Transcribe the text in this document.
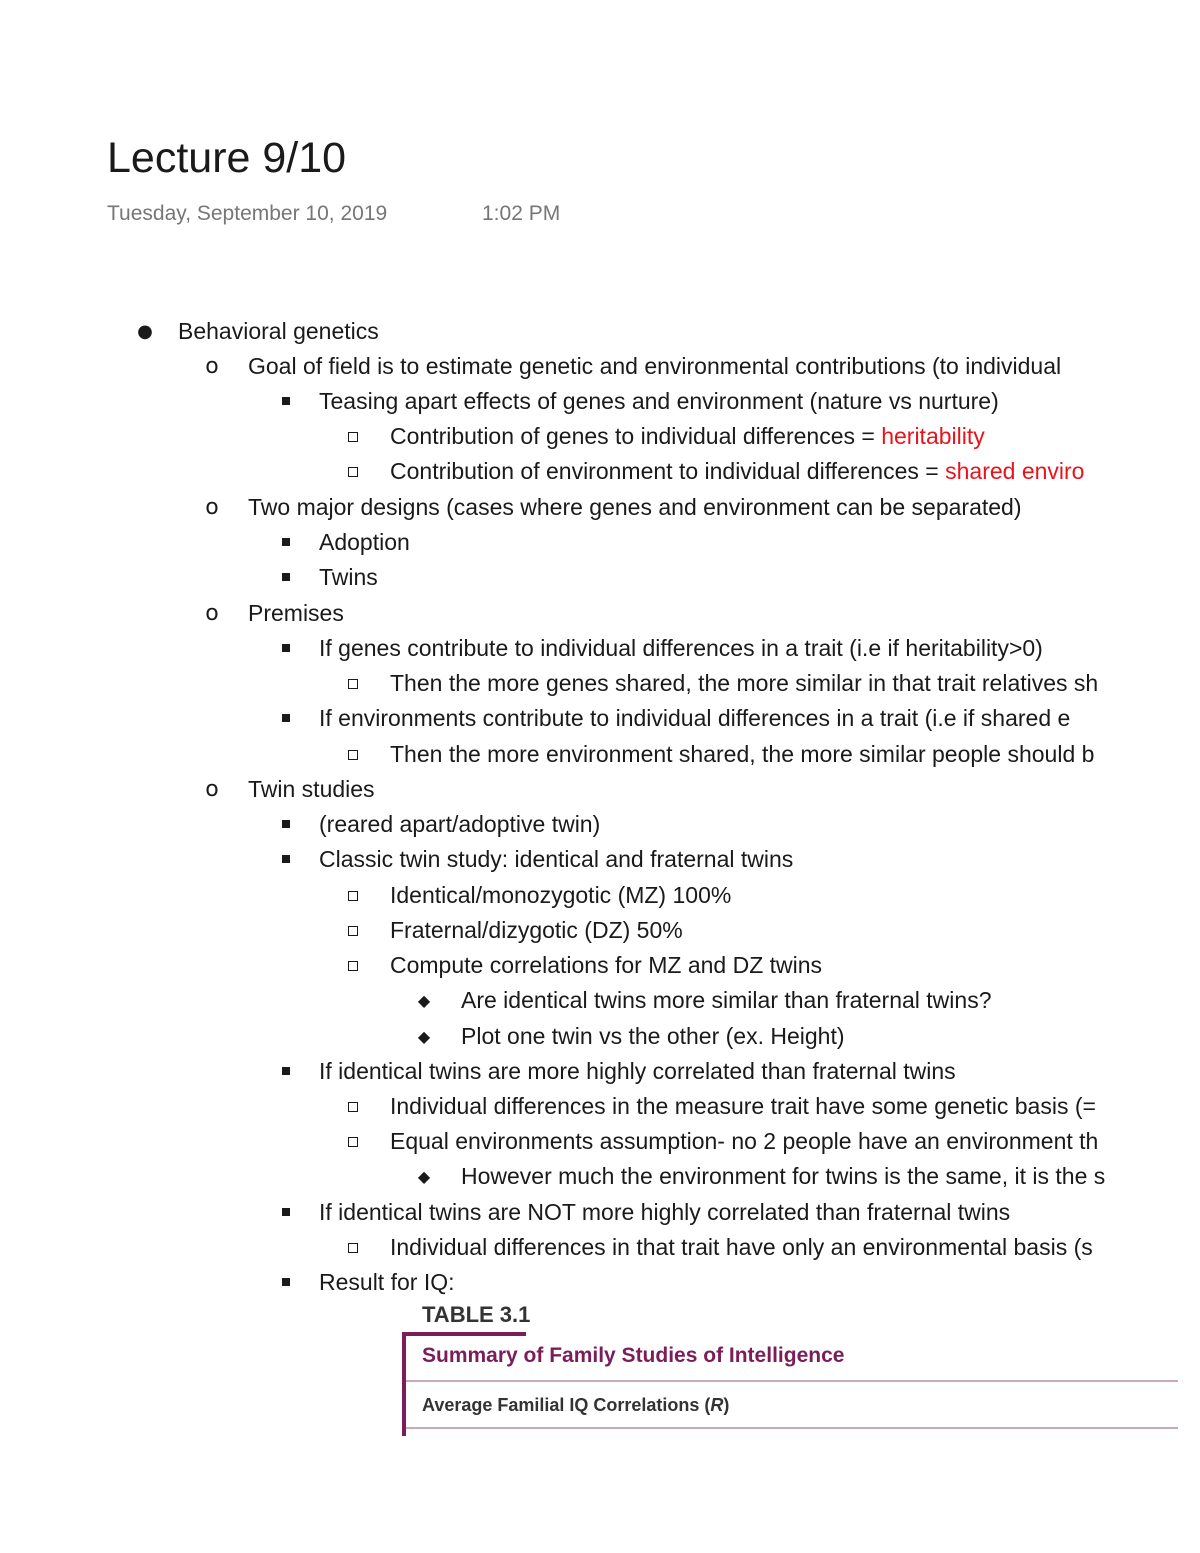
Lecture 9/10
Tuesday, September 10, 2019	1:02 PM
● Behavioral genetics
o Goal of field is to estimate genetic and environmental contributions (to individual
Teasing apart effects of genes and environment (nature vs nurture)
Contribution of genes to individual differences = heritability
Contribution of environment to individual differences = shared enviro
o Two major designs (cases where genes and environment can be separated)
Adoption
Twins
o Premises
If genes contribute to individual differences in a trait (i.e if heritability>0)
Then the more genes shared, the more similar in that trait relatives sh
If environments contribute to individual differences in a trait (i.e if shared e
Then the more environment shared, the more similar people should b
o Twin studies
(reared apart/adoptive twin)
Classic twin study: identical and fraternal twins
Identical/monozygotic (MZ) 100%
Fraternal/dizygotic (DZ) 50%
Compute correlations for MZ and DZ twins
◆ Are identical twins more similar than fraternal twins?
◆ Plot one twin vs the other (ex. Height)
If identical twins are more highly correlated than fraternal twins
Individual differences in the measure trait have some genetic basis (=
Equal environments assumption- no 2 people have an environment th
◆ However much the environment for twins is the same, it is the s
If identical twins are NOT more highly correlated than fraternal twins
Individual differences in that trait have only an environmental basis (s
Result for IQ:
TABLE 3.1
Summary of Family Studies of Intelligence
Average Familial IQ Correlations (R)
